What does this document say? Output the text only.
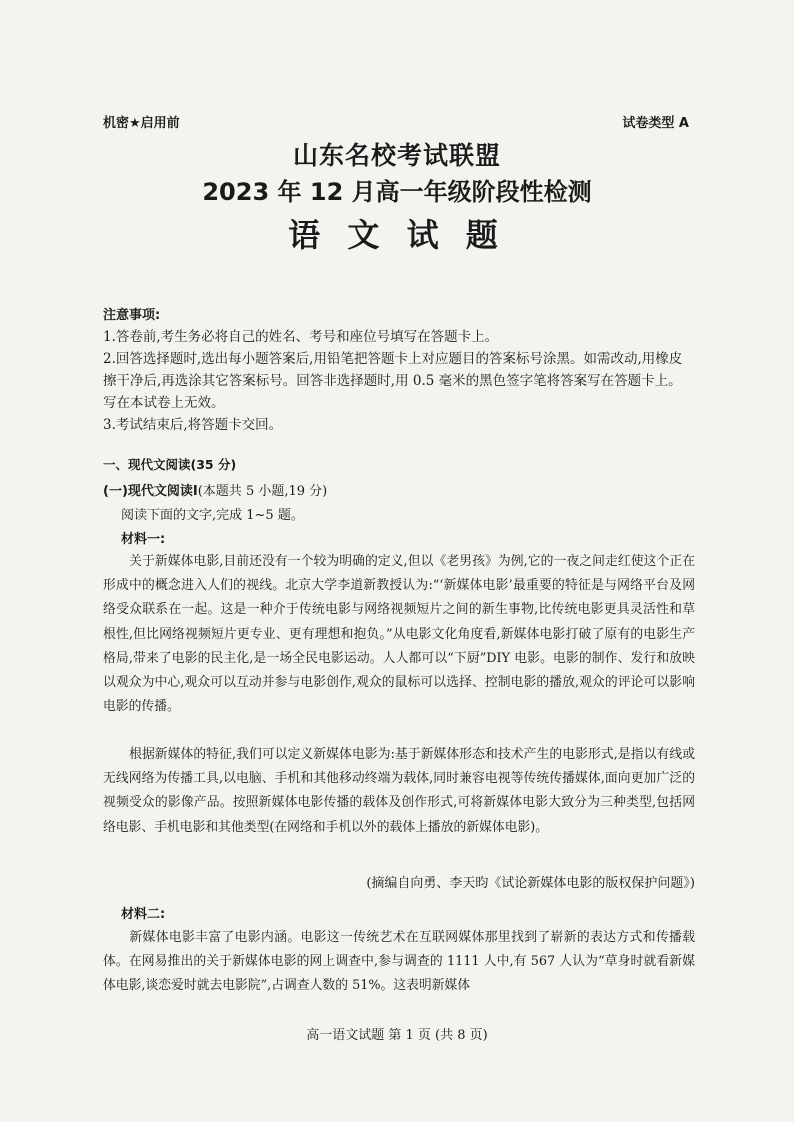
机密★启用前	试卷类型 A
山东名校考试联盟
2023 年 12 月高一年级阶段性检测
语 文 试 题
注意事项:

1.答卷前,考生务必将自己的姓名、考号和座位号填写在答题卡上。

2.回答选择题时,选出每小题答案后,用铅笔把答题卡上对应题目的答案标号涂黑。如需改动,用橡皮擦干净后,再选涂其它答案标号。回答非选择题时,用 0.5 毫米的黑色签字笔将答案写在答题卡上。写在本试卷上无效。

3.考试结束后,将答题卡交回。

一、现代文阅读(35 分)
(一)现代文阅读Ⅰ(本题共 5 小题,19 分)
阅读下面的文字,完成 1~5 题。
材料一:
关于新媒体电影,目前还没有一个较为明确的定义,但以《老男孩》为例,它的一夜之间走红使这个正在形成中的概念进入人们的视线。北京大学李道新教授认为:“‘新媒体电影’最重要的特征是与网络平台及网络受众联系在一起。这是一种介于传统电影与网络视频短片之间的新生事物,比传统电影更具灵活性和草根性,但比网络视频短片更专业、更有理想和抱负。”从电影文化角度看,新媒体电影打破了原有的电影生产格局,带来了电影的民主化,是一场全民电影运动。人人都可以“下厨”DIY 电影。电影的制作、发行和放映以观众为中心,观众可以互动并参与电影创作,观众的鼠标可以选择、控制电影的播放,观众的评论可以影响电影的传播。
根据新媒体的特征,我们可以定义新媒体电影为:基于新媒体形态和技术产生的电影形式,是指以有线或无线网络为传播工具,以电脑、手机和其他移动终端为载体,同时兼容电视等传统传播媒体,面向更加广泛的视频受众的影像产品。按照新媒体电影传播的载体及创作形式,可将新媒体电影大致分为三种类型,包括网络电影、手机电影和其他类型(在网络和手机以外的载体上播放的新媒体电影)。
(摘编自向勇、李天昀《试论新媒体电影的版权保护问题》)
材料二:
新媒体电影丰富了电影内涵。电影这一传统艺术在互联网媒体那里找到了崭新的表达方式和传播载体。在网易推出的关于新媒体电影的网上调查中,参与调查的 1111 人中,有 567 人认为“草身时就看新媒体电影,谈恋爱时就去电影院”,占调查人数的 51%。这表明新媒体
高一语文试题 第 1 页 (共 8 页)
